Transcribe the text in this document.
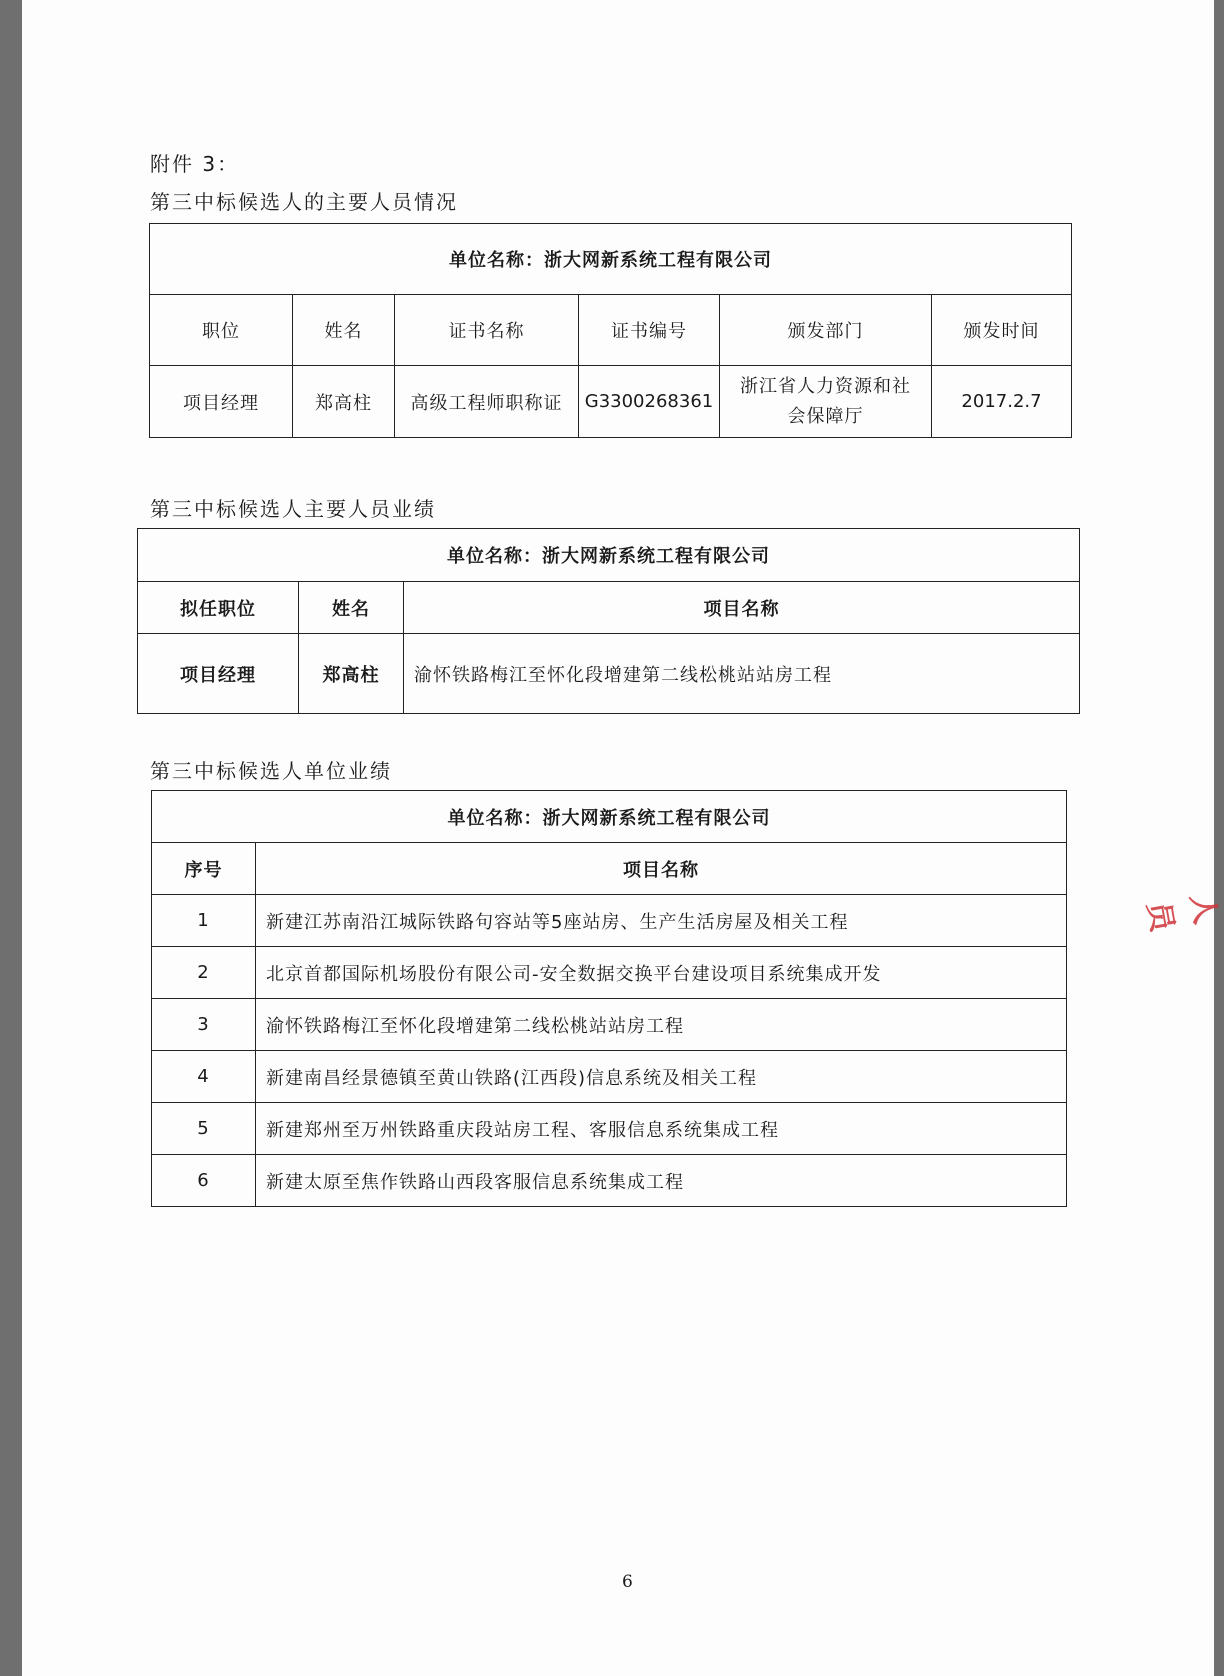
附件 3：
第三中标候选人的主要人员情况
单位名称：浙大网新系统工程有限公司					
职位	姓名	证书名称	证书编号	颁发部门	颁发时间
项目经理	郑高柱	高级工程师职称证	G3300268361	浙江省人力资源和社会保障厅	2017.2.7
第三中标候选人主要人员业绩
单位名称：浙大网新系统工程有限公司		
拟任职位	姓名	项目名称
项目经理	郑高柱	渝怀铁路梅江至怀化段增建第二线松桃站站房工程
第三中标候选人单位业绩
单位名称：浙大网新系统工程有限公司	
序号	项目名称
1	新建江苏南沿江城际铁路句容站等5座站房、生产生活房屋及相关工程
2	北京首都国际机场股份有限公司-安全数据交换平台建设项目系统集成开发
3	渝怀铁路梅江至怀化段增建第二线松桃站站房工程
4	新建南昌经景德镇至黄山铁路(江西段)信息系统及相关工程
5	新建郑州至万州铁路重庆段站房工程、客服信息系统集成工程
6	新建太原至焦作铁路山西段客服信息系统集成工程
人 员
6
